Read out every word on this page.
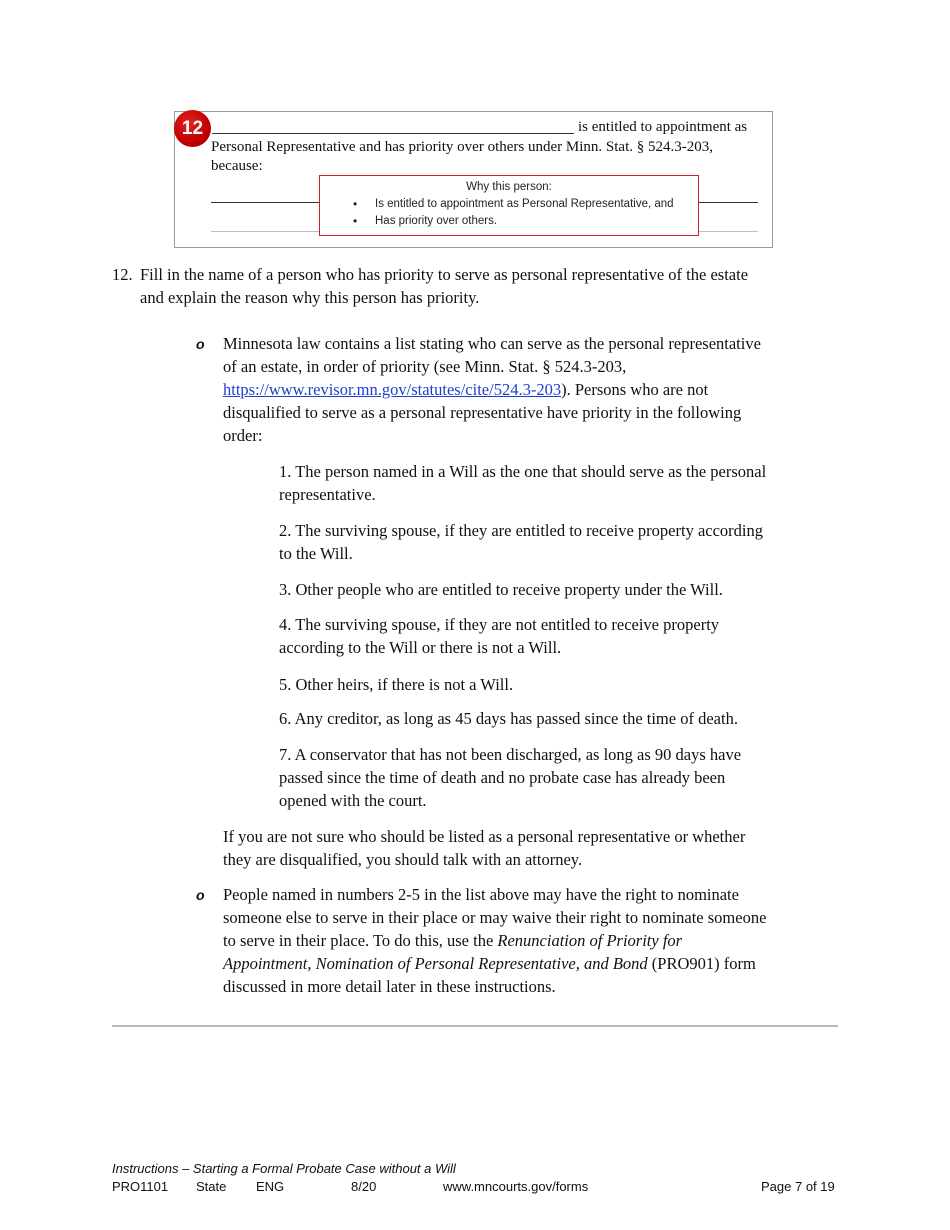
12	is entitled to appointment as
Personal Representative and has priority over others under Minn. Stat. § 524.3-203,
because:
Why this person:
• Is entitled to appointment as Personal Representative, and
• Has priority over others.
12. Fill in the name of a person who has priority to serve as personal representative of the estate
and explain the reason why this person has priority.
o Minnesota law contains a list stating who can serve as the personal representative
of an estate, in order of priority (see Minn. Stat. § 524.3-203,
https://www.revisor.mn.gov/statutes/cite/524.3-203). Persons who are not
disqualified to serve as a personal representative have priority in the following
order:
1. The person named in a Will as the one that should serve as the personal
representative.
2. The surviving spouse, if they are entitled to receive property according
to the Will.
3. Other people who are entitled to receive property under the Will.
4. The surviving spouse, if they are not entitled to receive property
according to the Will or there is not a Will.
5. Other heirs, if there is not a Will.
6. Any creditor, as long as 45 days has passed since the time of death.
7. A conservator that has not been discharged, as long as 90 days have
passed since the time of death and no probate case has already been
opened with the court.
If you are not sure who should be listed as a personal representative or whether
they are disqualified, you should talk with an attorney.
o People named in numbers 2-5 in the list above may have the right to nominate
someone else to serve in their place or may waive their right to nominate someone
to serve in their place. To do this, use the Renunciation of Priority for
Appointment, Nomination of Personal Representative, and Bond (PRO901) form
discussed in more detail later in these instructions.
Instructions – Starting a Formal Probate Case without a Will
PRO1101 State ENG	8/20	www.mncourts.gov/forms	Page 7 of 19
